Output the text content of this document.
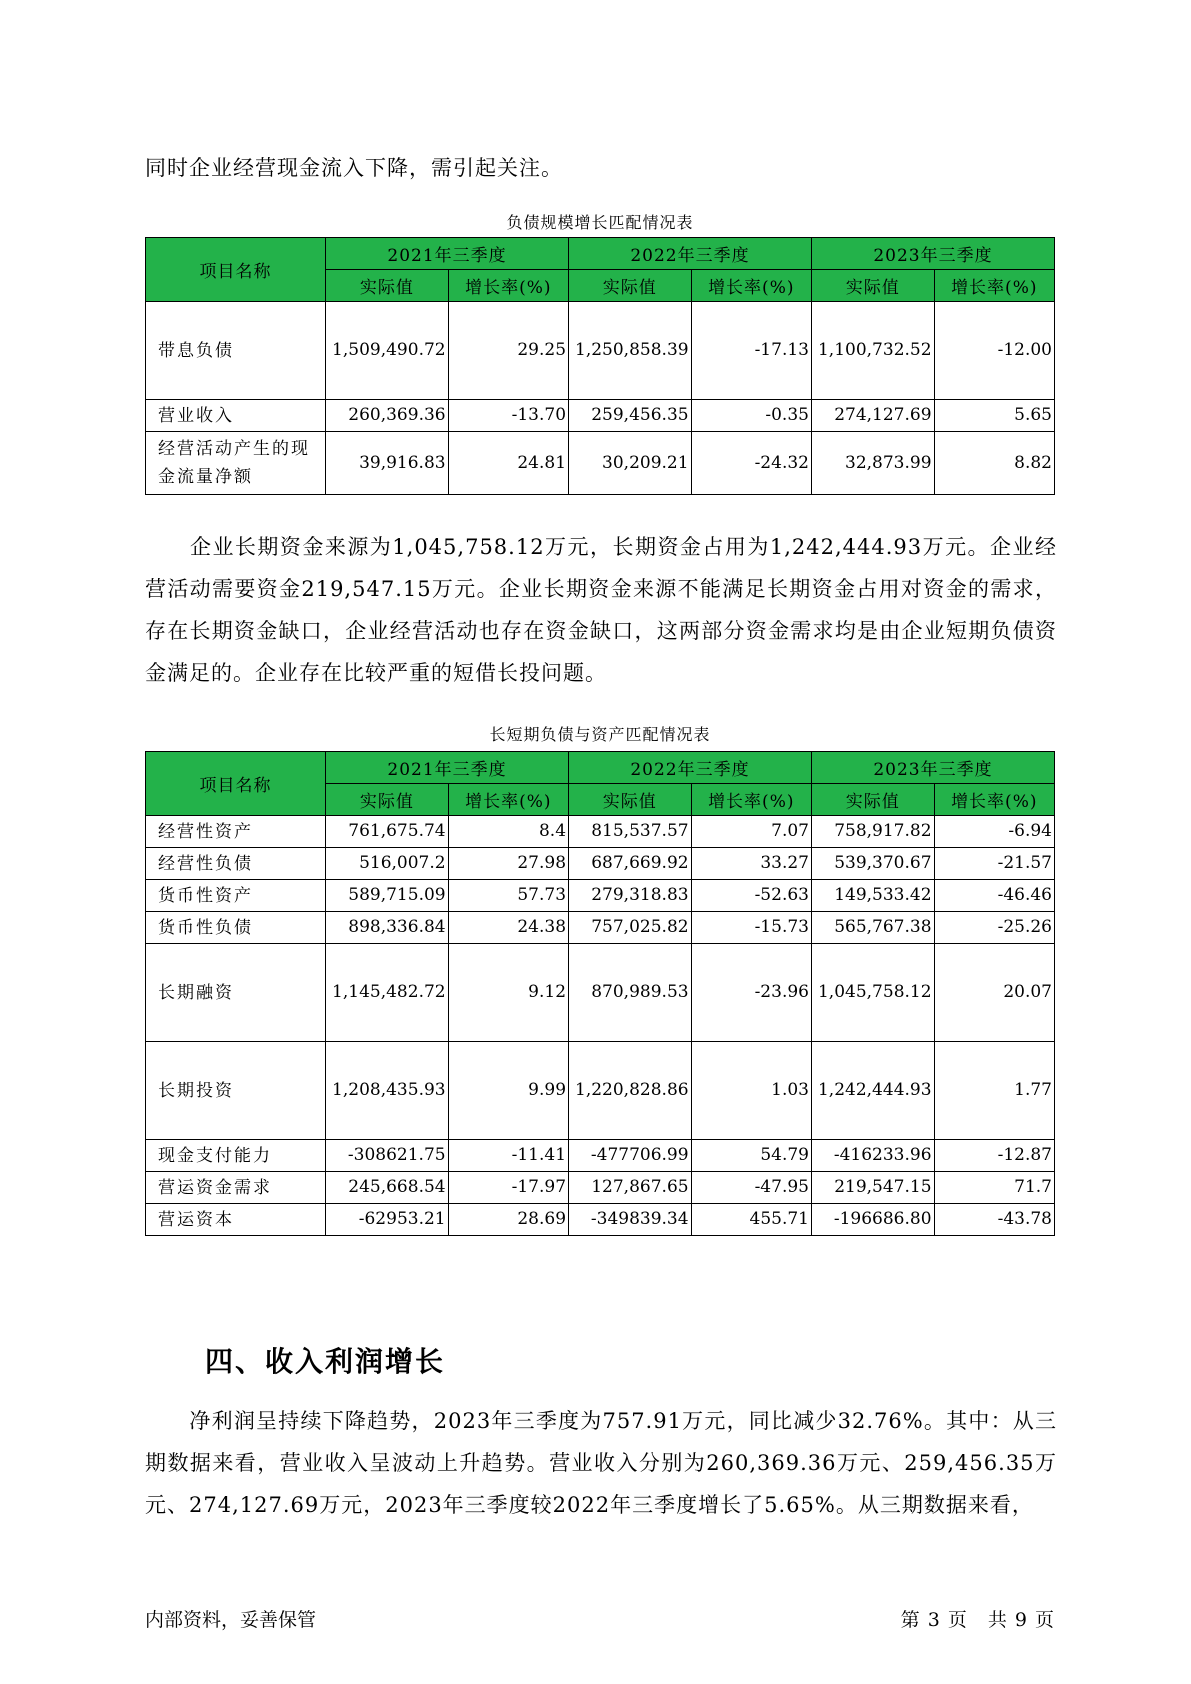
同时企业经营现金流入下降，需引起关注。

负债规模增长匹配情况表
项目名称	2021年三季度		2022年三季度		2023年三季度	
	实际值	增长率(%)	实际值	增长率(%)	实际值	增长率(%)
带息负债	1,509,490.72	29.25	1,250,858.39	-17.13	1,100,732.52	-12.00
营业收入	260,369.36	-13.70	259,456.35	-0.35	274,127.69	5.65
经营活动产生的现金流量净额	39,916.83	24.81	30,209.21	-24.32	32,873.99	8.82

　　企业长期资金来源为1,045,758.12万元，长期资金占用为1,242,444.93万元。企业经营活动需要资金219,547.15万元。企业长期资金来源不能满足长期资金占用对资金的需求，存在长期资金缺口，企业经营活动也存在资金缺口，这两部分资金需求均是由企业短期负债资金满足的。企业存在比较严重的短借长投问题。

长短期负债与资产匹配情况表
项目名称	2021年三季度		2022年三季度		2023年三季度	
	实际值	增长率(%)	实际值	增长率(%)	实际值	增长率(%)
经营性资产	761,675.74	8.4	815,537.57	7.07	758,917.82	-6.94
经营性负债	516,007.2	27.98	687,669.92	33.27	539,370.67	-21.57
货币性资产	589,715.09	57.73	279,318.83	-52.63	149,533.42	-46.46
货币性负债	898,336.84	24.38	757,025.82	-15.73	565,767.38	-25.26
长期融资	1,145,482.72	9.12	870,989.53	-23.96	1,045,758.12	20.07
长期投资	1,208,435.93	9.99	1,220,828.86	1.03	1,242,444.93	1.77
现金支付能力	-308621.75	-11.41	-477706.99	54.79	-416233.96	-12.87
营运资金需求	245,668.54	-17.97	127,867.65	-47.95	219,547.15	71.7
营运资本	-62953.21	28.69	-349839.34	455.71	-196686.80	-43.78
四、收入利润增长

　　净利润呈持续下降趋势，2023年三季度为757.91万元，同比减少32.76%。其中：从三期数据来看，营业收入呈波动上升趋势。营业收入分别为260,369.36万元、259,456.35万元、274,127.69万元，2023年三季度较2022年三季度增长了5.65%。从三期数据来看，

内部资料，妥善保管	第 3 页　共 9 页
